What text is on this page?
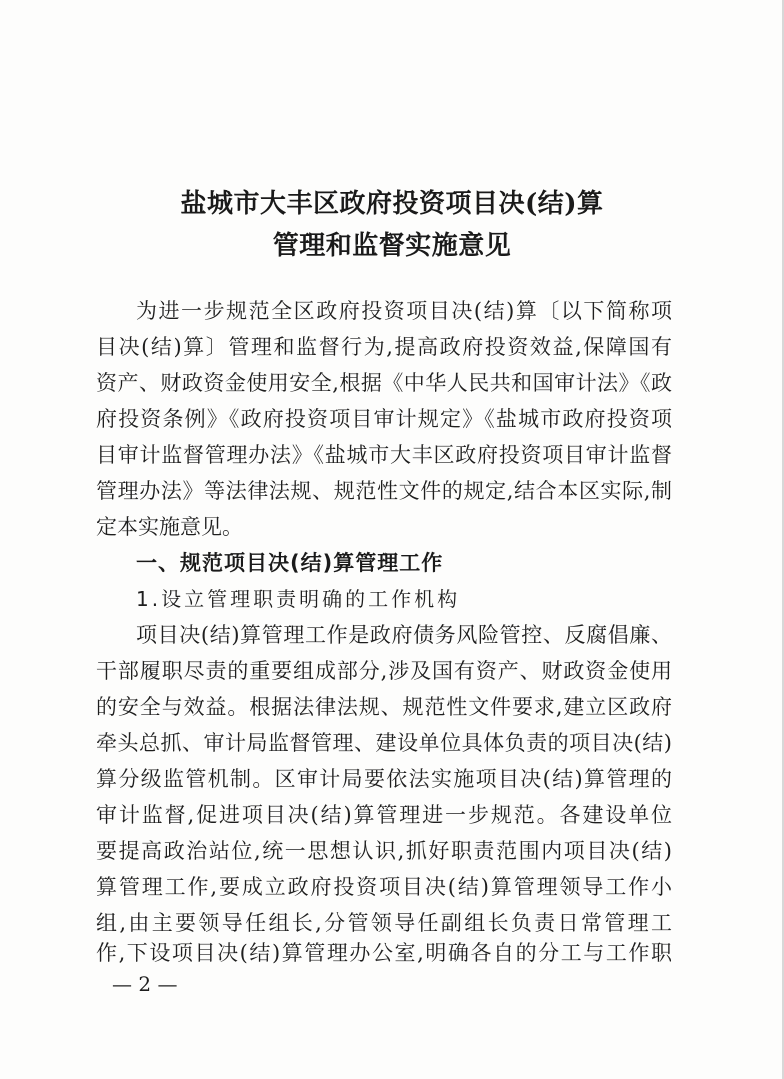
盐城市大丰区政府投资项目决(结)算
管理和监督实施意见
为进一步规范全区政府投资项目决(结)算〔以下简称项
目决(结)算〕管理和监督行为,提高政府投资效益,保障国有
资产、财政资金使用安全,根据《中华人民共和国审计法》《政
府投资条例》《政府投资项目审计规定》《盐城市政府投资项
目审计监督管理办法》《盐城市大丰区政府投资项目审计监督
管理办法》等法律法规、规范性文件的规定,结合本区实际,制
定本实施意见。
一、规范项目决(结)算管理工作
1.设立管理职责明确的工作机构
项目决(结)算管理工作是政府债务风险管控、反腐倡廉、
干部履职尽责的重要组成部分,涉及国有资产、财政资金使用
的安全与效益。根据法律法规、规范性文件要求,建立区政府
牵头总抓、审计局监督管理、建设单位具体负责的项目决(结)
算分级监管机制。区审计局要依法实施项目决(结)算管理的
审计监督,促进项目决(结)算管理进一步规范。各建设单位
要提高政治站位,统一思想认识,抓好职责范围内项目决(结)
算管理工作,要成立政府投资项目决(结)算管理领导工作小
组,由主要领导任组长,分管领导任副组长负责日常管理工
作,下设项目决(结)算管理办公室,明确各自的分工与工作职
— 2 —
